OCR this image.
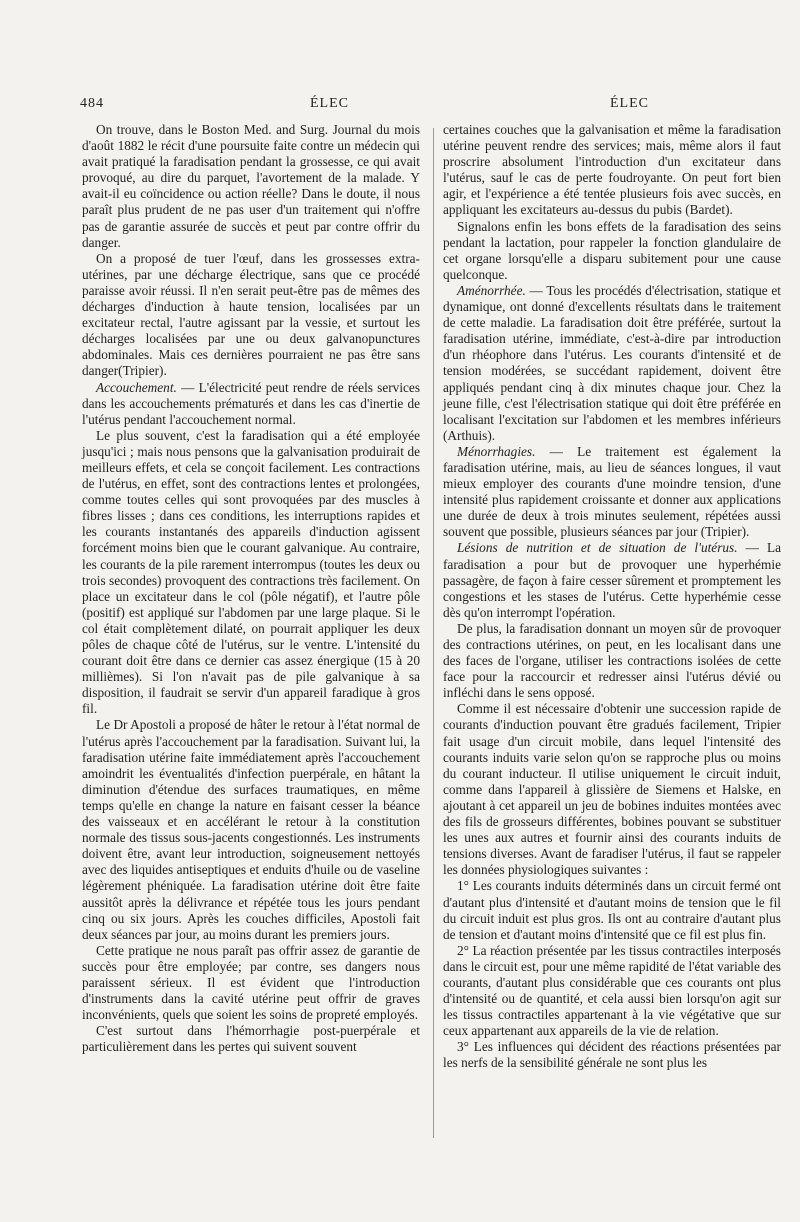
484	ÉLEC	ÉLEC

On trouve, dans le Boston Med. and Surg. Journal du mois d'août 1882 le récit d'une poursuite faite contre un médecin qui avait pratiqué la faradisation pendant la grossesse, ce qui avait provoqué, au dire du parquet, l'avortement de la malade. Y avait-il eu coïncidence ou action réelle? Dans le doute, il nous paraît plus prudent de ne pas user d'un traitement qui n'offre pas de garantie assurée de succès et peut par contre offrir du danger.

On a proposé de tuer l'œuf, dans les grossesses extra-utérines, par une décharge électrique, sans que ce procédé paraisse avoir réussi. Il n'en serait peut-être pas de mêmes des décharges d'induction à haute tension, localisées par un excitateur rectal, l'autre agissant par la vessie, et surtout les décharges localisées par une ou deux galvanopunctures abdominales. Mais ces dernières pourraient ne pas être sans danger(Tripier).

Accouchement. — L'électricité peut rendre de réels services dans les accouchements prématurés et dans les cas d'inertie de l'utérus pendant l'accouchement normal.

Le plus souvent, c'est la faradisation qui a été employée jusqu'ici ; mais nous pensons que la galvanisation produirait de meilleurs effets, et cela se conçoit facilement. Les contractions de l'utérus, en effet, sont des contractions lentes et prolongées, comme toutes celles qui sont provoquées par des muscles à fibres lisses ; dans ces conditions, les interruptions rapides et les courants instantanés des appareils d'induction agissent forcément moins bien que le courant galvanique. Au contraire, les courants de la pile rarement interrompus (toutes les deux ou trois secondes) provoquent des contractions très facilement. On place un excitateur dans le col (pôle négatif), et l'autre pôle (positif) est appliqué sur l'abdomen par une large plaque. Si le col était complètement dilaté, on pourrait appliquer les deux pôles de chaque côté de l'utérus, sur le ventre. L'intensité du courant doit être dans ce dernier cas assez énergique (15 à 20 millièmes). Si l'on n'avait pas de pile galvanique à sa disposition, il faudrait se servir d'un appareil faradique à gros fil.

Le Dr Apostoli a proposé de hâter le retour à l'état normal de l'utérus après l'accouchement par la faradisation. Suivant lui, la faradisation utérine faite immédiatement après l'accouchement amoindrit les éventualités d'infection puerpérale, en hâtant la diminution d'étendue des surfaces traumatiques, en même temps qu'elle en change la nature en faisant cesser la béance des vaisseaux et en accélérant le retour à la constitution normale des tissus sous-jacents congestionnés. Les instruments doivent être, avant leur introduction, soigneusement nettoyés avec des liquides antiseptiques et enduits d'huile ou de vaseline légèrement phéniquée. La faradisation utérine doit être faite aussitôt après la délivrance et répétée tous les jours pendant cinq ou six jours. Après les couches difficiles, Apostoli fait deux séances par jour, au moins durant les premiers jours.

Cette pratique ne nous paraît pas offrir assez de garantie de succès pour être employée; par contre, ses dangers nous paraissent sérieux. Il est évident que l'introduction d'instruments dans la cavité utérine peut offrir de graves inconvénients, quels que soient les soins de propreté employés.

C'est surtout dans l'hémorrhagie post-puerpérale et particulièrement dans les pertes qui suivent souvent

certaines couches que la galvanisation et même la faradisation utérine peuvent rendre des services; mais, même alors il faut proscrire absolument l'introduction d'un excitateur dans l'utérus, sauf le cas de perte foudroyante. On peut fort bien agir, et l'expérience a été tentée plusieurs fois avec succès, en appliquant les excitateurs au-dessus du pubis (Bardet).

Signalons enfin les bons effets de la faradisation des seins pendant la lactation, pour rappeler la fonction glandulaire de cet organe lorsqu'elle a disparu subitement pour une cause quelconque.

Aménorrhée. — Tous les procédés d'électrisation, statique et dynamique, ont donné d'excellents résultats dans le traitement de cette maladie. La faradisation doit être préférée, surtout la faradisation utérine, immédiate, c'est-à-dire par introduction d'un rhéophore dans l'utérus. Les courants d'intensité et de tension modérées, se succédant rapidement, doivent être appliqués pendant cinq à dix minutes chaque jour. Chez la jeune fille, c'est l'électrisation statique qui doit être préférée en localisant l'excitation sur l'abdomen et les membres inférieurs (Arthuis).

Ménorrhagies. — Le traitement est également la faradisation utérine, mais, au lieu de séances longues, il vaut mieux employer des courants d'une moindre tension, d'une intensité plus rapidement croissante et donner aux applications une durée de deux à trois minutes seulement, répétées aussi souvent que possible, plusieurs séances par jour (Tripier).

Lésions de nutrition et de situation de l'utérus. — La faradisation a pour but de provoquer une hyperhémie passagère, de façon à faire cesser sûrement et promptement les congestions et les stases de l'utérus. Cette hyperhémie cesse dès qu'on interrompt l'opération.

De plus, la faradisation donnant un moyen sûr de provoquer des contractions utérines, on peut, en les localisant dans une des faces de l'organe, utiliser les contractions isolées de cette face pour la raccourcir et redresser ainsi l'utérus dévié ou infléchi dans le sens opposé.

Comme il est nécessaire d'obtenir une succession rapide de courants d'induction pouvant être gradués facilement, Tripier fait usage d'un circuit mobile, dans lequel l'intensité des courants induits varie selon qu'on se rapproche plus ou moins du courant inducteur. Il utilise uniquement le circuit induit, comme dans l'appareil à glissière de Siemens et Halske, en ajoutant à cet appareil un jeu de bobines induites montées avec des fils de grosseurs différentes, bobines pouvant se substituer les unes aux autres et fournir ainsi des courants induits de tensions diverses. Avant de faradiser l'utérus, il faut se rappeler les données physiologiques suivantes :

1° Les courants induits déterminés dans un circuit fermé ont d'autant plus d'intensité et d'autant moins de tension que le fil du circuit induit est plus gros. Ils ont au contraire d'autant plus de tension et d'autant moins d'intensité que ce fil est plus fin.

2° La réaction présentée par les tissus contractiles interposés dans le circuit est, pour une même rapidité de l'état variable des courants, d'autant plus considérable que ces courants ont plus d'intensité ou de quantité, et cela aussi bien lorsqu'on agit sur les tissus contractiles appartenant à la vie végétative que sur ceux appartenant aux appareils de la vie de relation.

3° Les influences qui décident des réactions présentées par les nerfs de la sensibilité générale ne sont plus les
